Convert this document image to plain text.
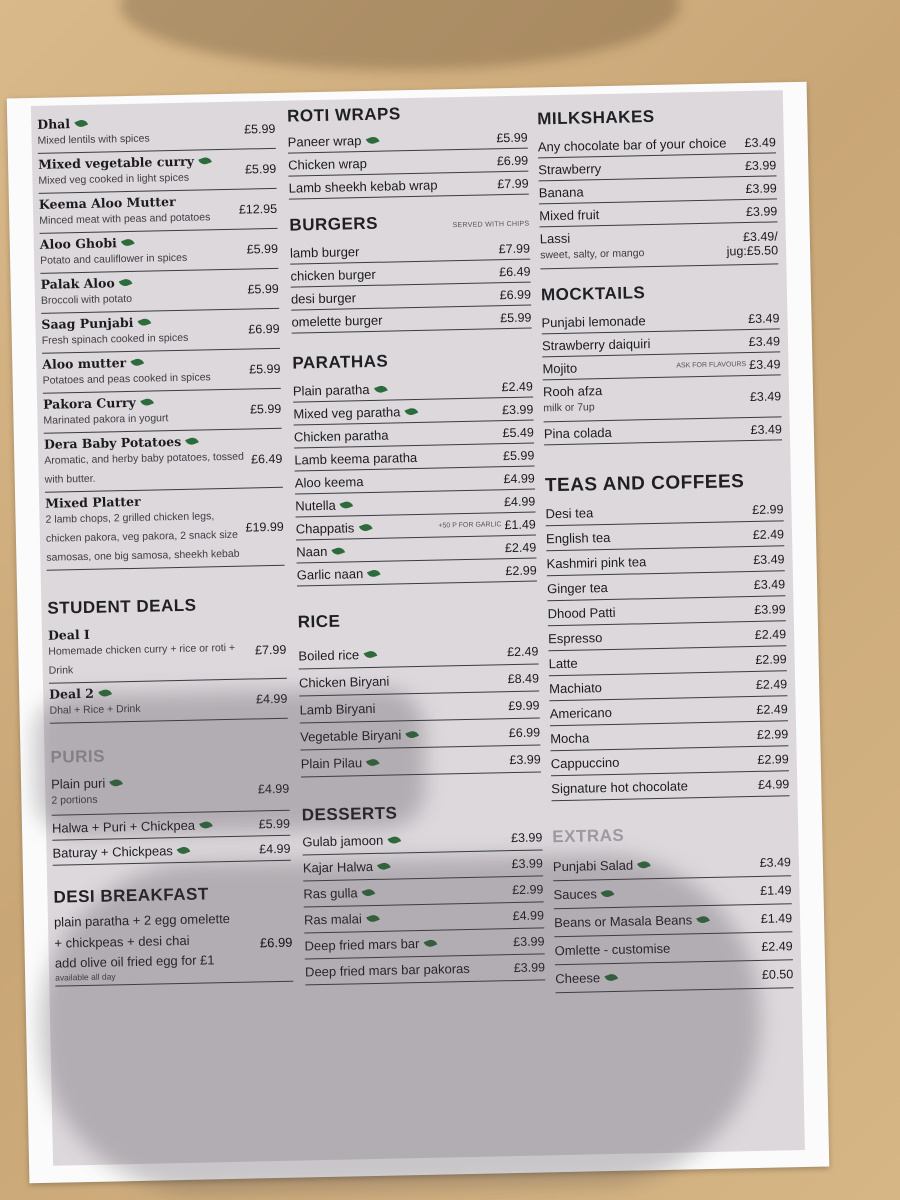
Dhal
Mixed lentils with spices
£5.99
Mixed vegetable curry
Mixed veg cooked in light spices
£5.99
Keema Aloo Mutter
Minced meat with peas and potatoes
£12.95
Aloo Ghobi
Potato and cauliflower in spices
£5.99
Palak Aloo
Broccoli with potato
£5.99
Saag Punjabi
Fresh spinach cooked in spices
£6.99
Aloo mutter
Potatoes and peas cooked in spices
£5.99
Pakora Curry
Marinated pakora in yogurt
£5.99
Dera Baby Potatoes
Aromatic, and herby baby potatoes, tossed with butter.
£6.49
Mixed Platter
2 lamb chops, 2 grilled chicken legs, chicken pakora, veg pakora, 2 snack size samosas, one big samosa, sheekh kebab
£19.99
STUDENT DEALS
Deal I
Homemade chicken curry + rice or roti + Drink
£7.99
Deal 2
Dhal + Rice + Drink
£4.99
PURIS
Plain puri
2 portions
£4.99
Halwa + Puri + Chickpea	£5.99
Baturay + Chickpeas	£4.99
DESI BREAKFAST
plain paratha + 2 egg omelette
+ chickpeas + desi chai
add olive oil fried egg for £1
available all day
£6.99
ROTI WRAPS
Paneer wrap	£5.99
Chicken wrap	£6.99
Lamb sheekh kebab wrap	£7.99
BURGERS	SERVED WITH CHIPS
lamb burger	£7.99
chicken burger	£6.49
desi burger	£6.99
omelette burger	£5.99
PARATHAS
Plain paratha	£2.49
Mixed veg paratha	£3.99
Chicken paratha	£5.49
Lamb keema paratha	£5.99
Aloo keema	£4.99
Nutella	£4.99
Chappatis	+50 P FOR GARLIC £1.49
Naan	£2.49
Garlic naan	£2.99
RICE
Boiled rice	£2.49
Chicken Biryani	£8.49
Lamb Biryani	£9.99
Vegetable Biryani	£6.99
Plain Pilau	£3.99
DESSERTS
Gulab jamoon	£3.99
Kajar Halwa	£3.99
Ras gulla	£2.99
Ras malai	£4.99
Deep fried mars bar	£3.99
Deep fried mars bar pakoras	£3.99
MILKSHAKES
Any chocolate bar of your choice £3.49
Strawberry	£3.99
Banana	£3.99
Mixed fruit	£3.99
Lassi
sweet, salty, or mango
£3.49/
jug:£5.50
MOCKTAILS
Punjabi lemonade	£3.49
Strawberry daiquiri	£3.49
Mojito	ASK FOR FLAVOURS £3.49
Rooh afza
milk or 7up
£3.49
Pina colada	£3.49
TEAS AND COFFEES
Desi tea	£2.99
English tea	£2.49
Kashmiri pink tea	£3.49
Ginger tea	£3.49
Dhood Patti	£3.99
Espresso	£2.49
Latte	£2.99
Machiato	£2.49
Americano	£2.49
Mocha	£2.99
Cappuccino	£2.99
Signature hot chocolate	£4.99
EXTRAS
Punjabi Salad	£3.49
Sauces	£1.49
Beans or Masala Beans	£1.49
Omlette - customise	£2.49
Cheese	£0.50
